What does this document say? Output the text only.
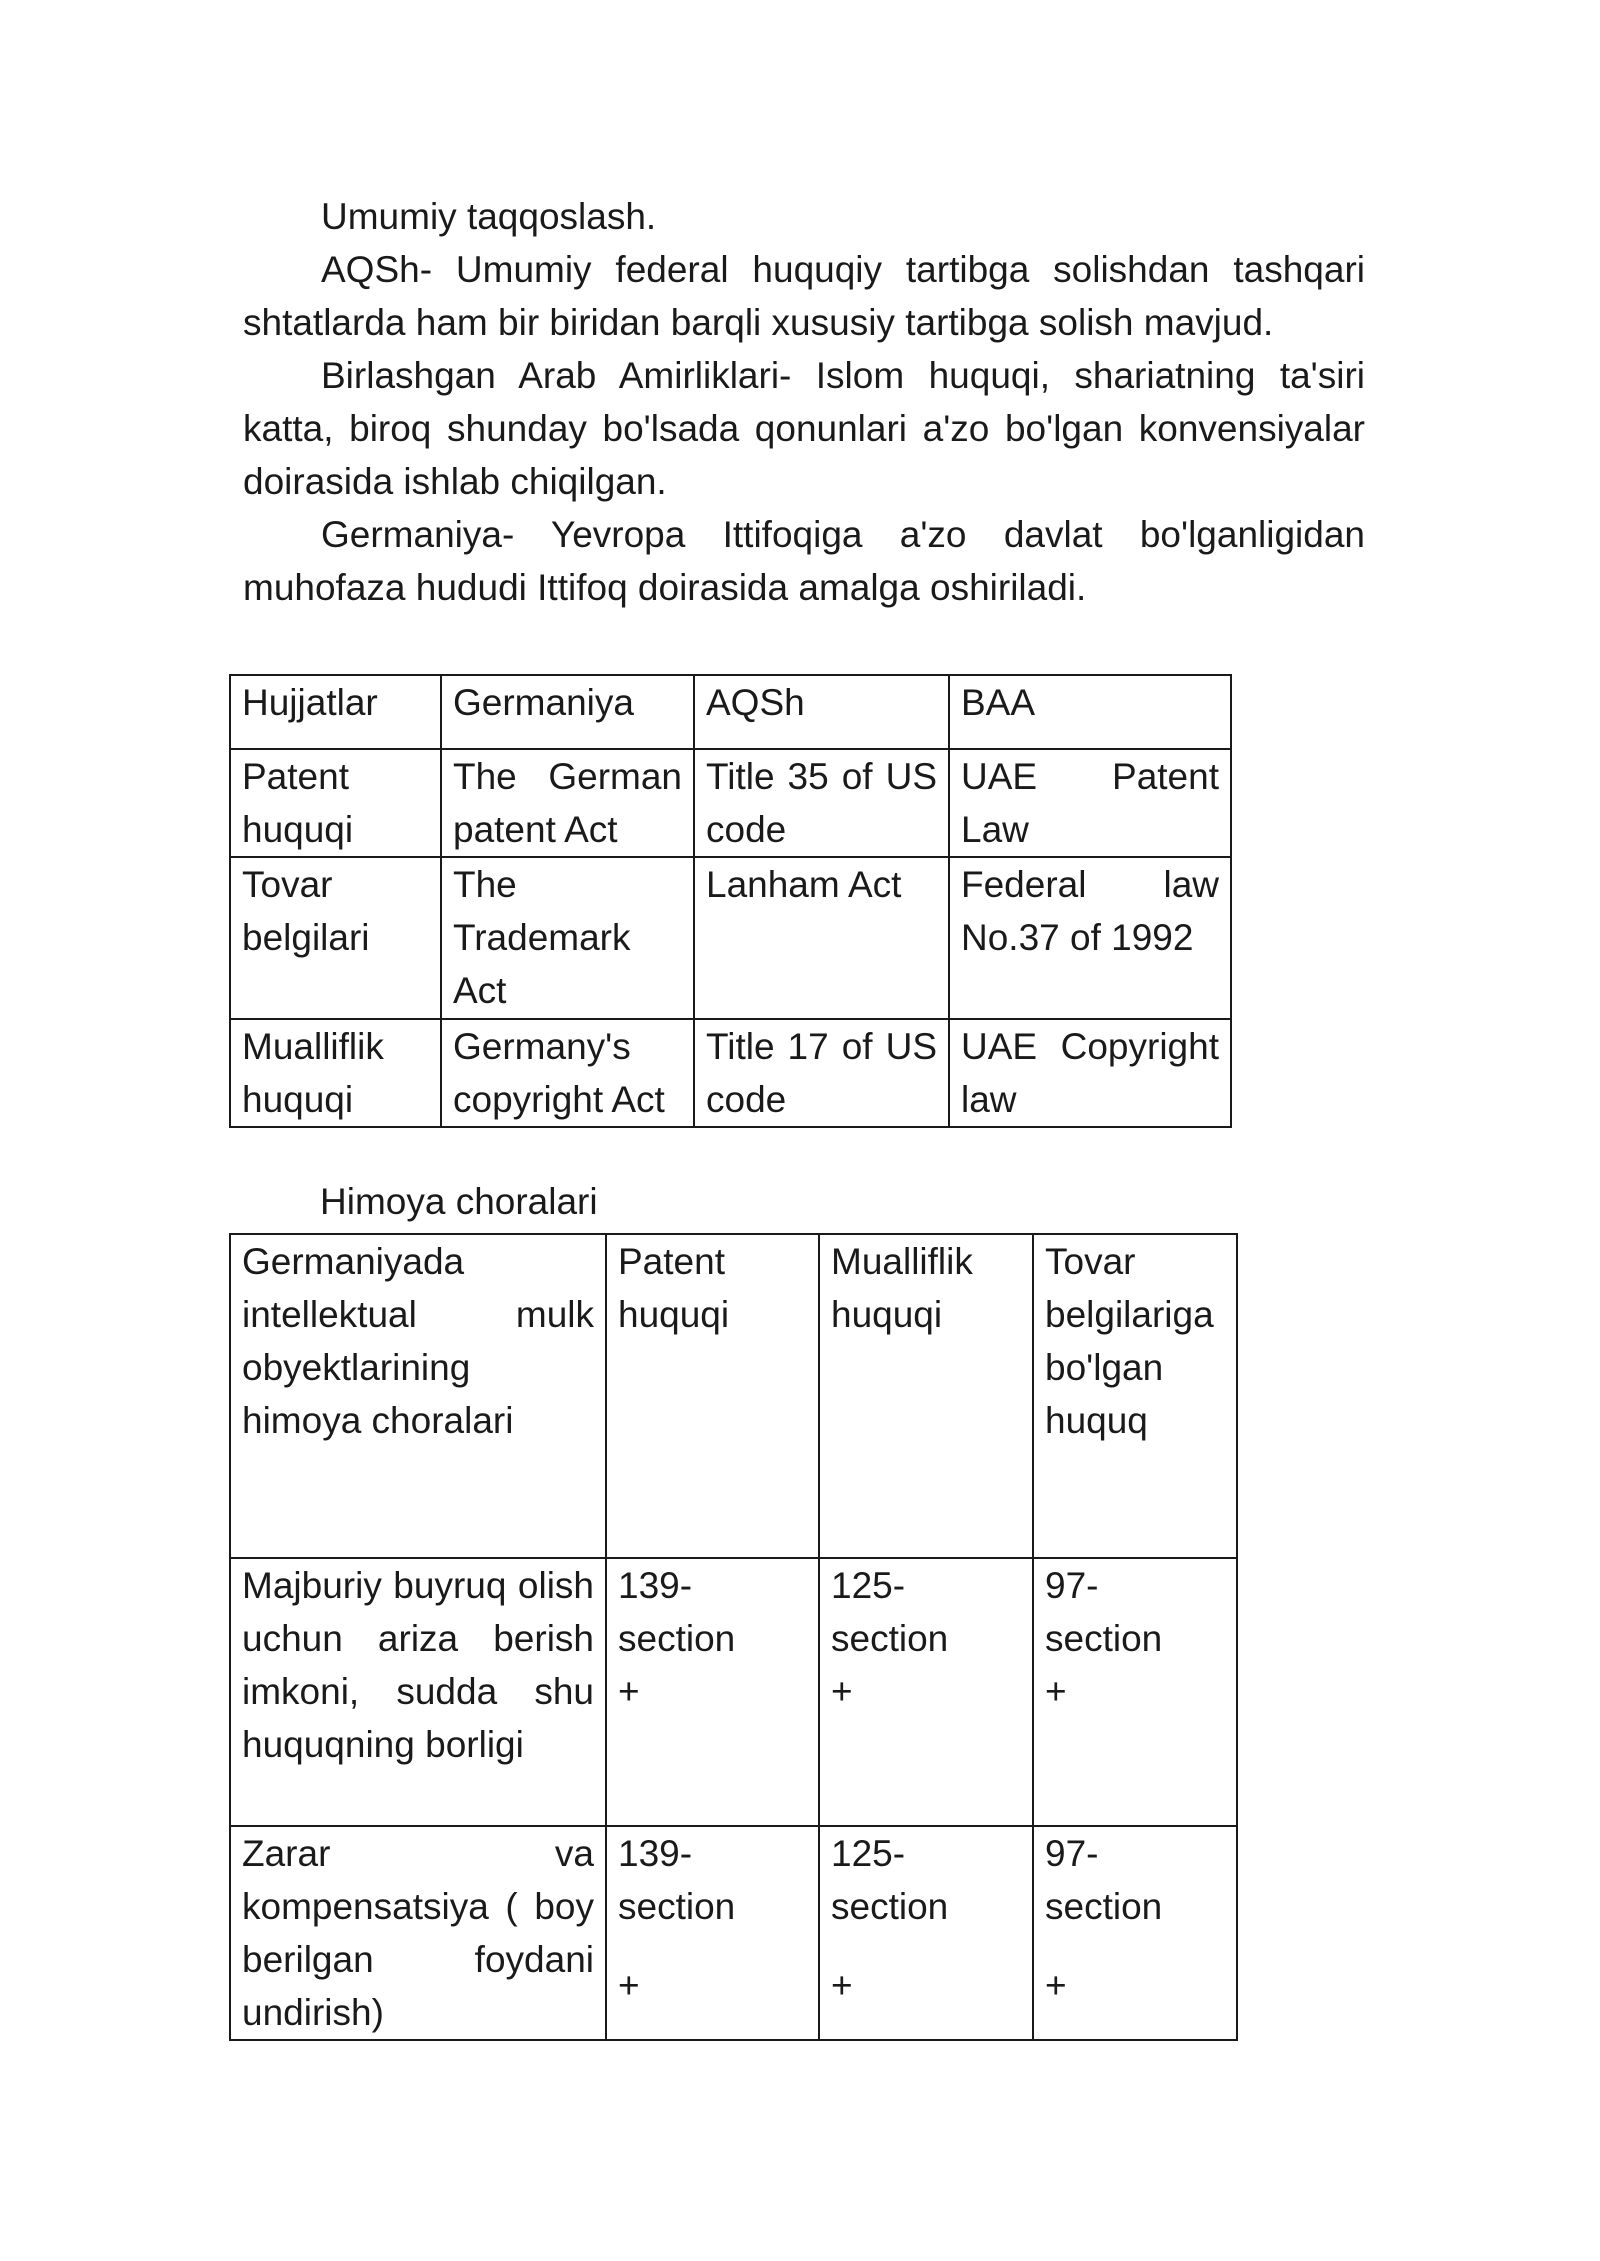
Umumiy taqqoslash.

AQSh- Umumiy federal huquqiy tartibga solishdan tashqari shtatlarda ham bir biridan barqli xususiy tartibga solish mavjud.

Birlashgan Arab Amirliklari- Islom huquqi, shariatning ta'siri katta, biroq shunday bo'lsada qonunlari a'zo bo'lgan konvensiyalar doirasida ishlab chiqilgan.

Germaniya- Yevropa Ittifoqiga a'zo davlat bo'lganligidan muhofaza hududi Ittifoq doirasida amalga oshiriladi.

Hujjatlar	Germaniya	AQSh	BAA
Patent huquqi	The German patent Act	Title 35 of US code	UAE Patent Law
Tovar belgilari	The Trademark Act	Lanham Act	Federal law No.37 of 1992
Mualliflik huquqi	Germany's copyright Act	Title 17 of US code	UAE Copyright law
Himoya choralari
Germaniyada intellektual mulk obyektlarining himoya choralari	Patent huquqi	Mualliflik huquqi	Tovar belgilariga bo'lgan huquq
Majburiy buyruq olish uchun ariza berish imkoni, sudda shu huquqning borligi	139-
section
+	125-
section
+	97-
section
+

Zarar va kompensatsiya ( boy berilgan foydani undirish)	139-
section
+	125-
section
+	97-
section
+
